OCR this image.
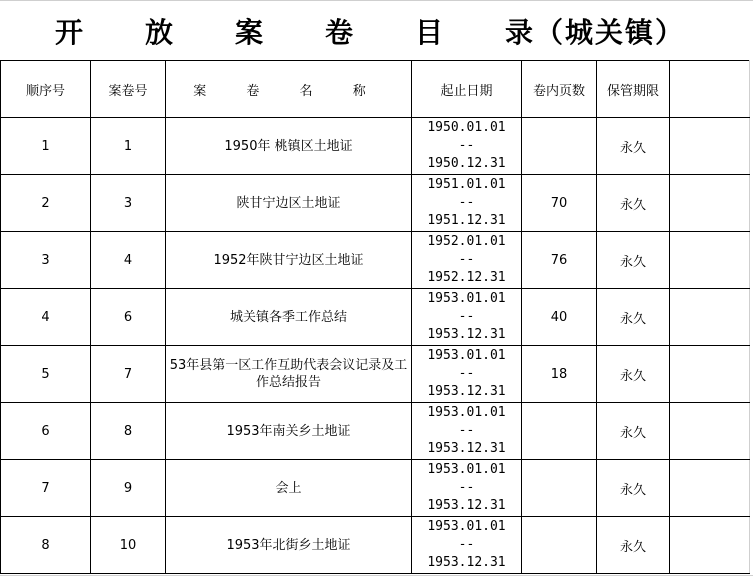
开　　放　　案　　卷　　目　　录（城关镇）
顺序号	案卷号	案 卷 名 称	起止日期	卷内页数	保管期限	
1	1	1950年 桃镇区土地证	1950.01.01
--
1950.12.31		永久	
2	3	陕甘宁边区土地证	1951.01.01
--
1951.12.31	70	永久	
3	4	1952年陕甘宁边区土地证	1952.01.01
--
1952.12.31	76	永久	
4	6	城关镇各季工作总结	1953.01.01
--
1953.12.31	40	永久	
5	7	53年县第一区工作互助代表会议记录及工作总结报告	1953.01.01
--
1953.12.31	18	永久	
6	8	1953年南关乡土地证	1953.01.01
--
1953.12.31		永久	
7	9	会上	1953.01.01
--
1953.12.31		永久	
8	10	1953年北街乡土地证	1953.01.01
--
1953.12.31		永久	
